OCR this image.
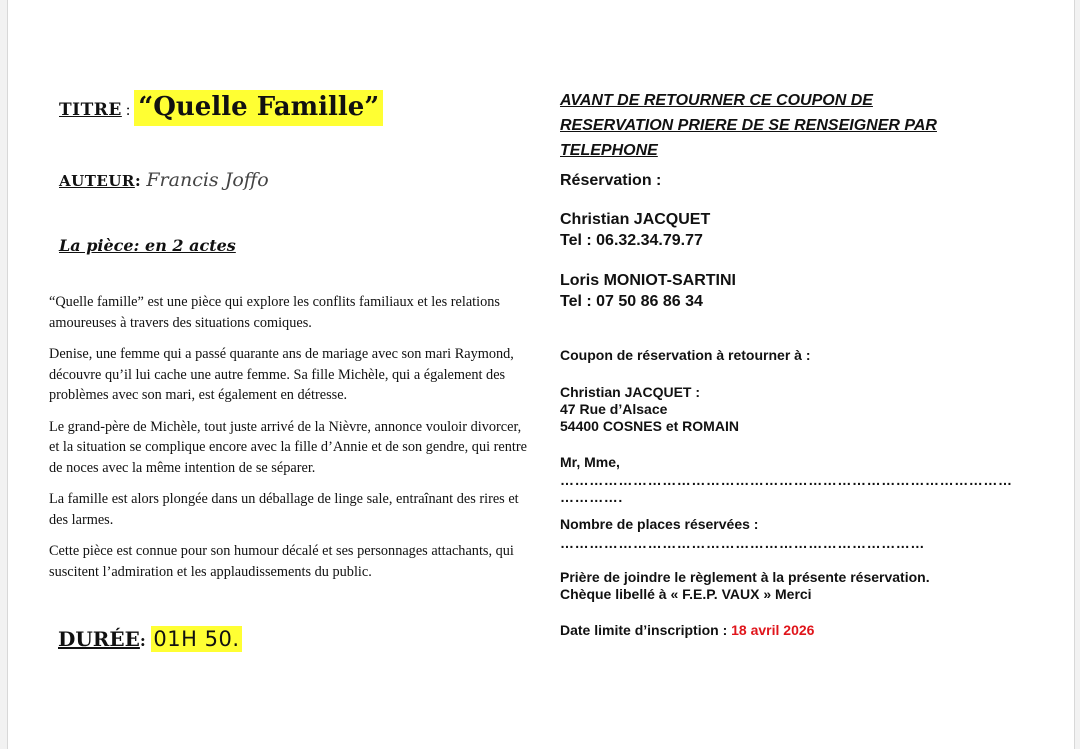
TITRE : “Quelle Famille”
AUTEUR: Francis Joffo
La pièce: en 2 actes

“Quelle famille” est une pièce qui explore les conflits familiaux et les relations amoureuses à travers des situations comiques.

Denise, une femme qui a passé quarante ans de mariage avec son mari Raymond, découvre qu’il lui cache une autre femme. Sa fille Michèle, qui a également des problèmes avec son mari, est également en détresse.

Le grand-père de Michèle, tout juste arrivé de la Nièvre, annonce vouloir divorcer, et la situation se complique encore avec la fille d’Annie et de son gendre, qui rentre de noces avec la même intention de se séparer.

La famille est alors plongée dans un déballage de linge sale, entraînant des rires et des larmes.

Cette pièce est connue pour son humour décalé et ses personnages attachants, qui suscitent l’admiration et les applaudissements du public.

DURÉE: 01H 50.
AVANT DE RETOURNER CE COUPON DE
RESERVATION PRIERE DE SE RENSEIGNER PAR
TELEPHONE
Réservation :
Christian JACQUET
Tel : 06.32.34.79.77
Loris MONIOT-SARTINI
Tel : 07 50 86 86 34
Coupon de réservation à retourner à :
Christian JACQUET :
47 Rue d’Alsace
54400 COSNES et ROMAIN
Mr, Mme,
…………………………………………………………………………………
………….
Nombre de places réservées :
…………………………………………………………………
Prière de joindre le règlement à la présente réservation.
Chèque libellé à « F.E.P. VAUX » Merci
Date limite d’inscription : 18 avril 2026
